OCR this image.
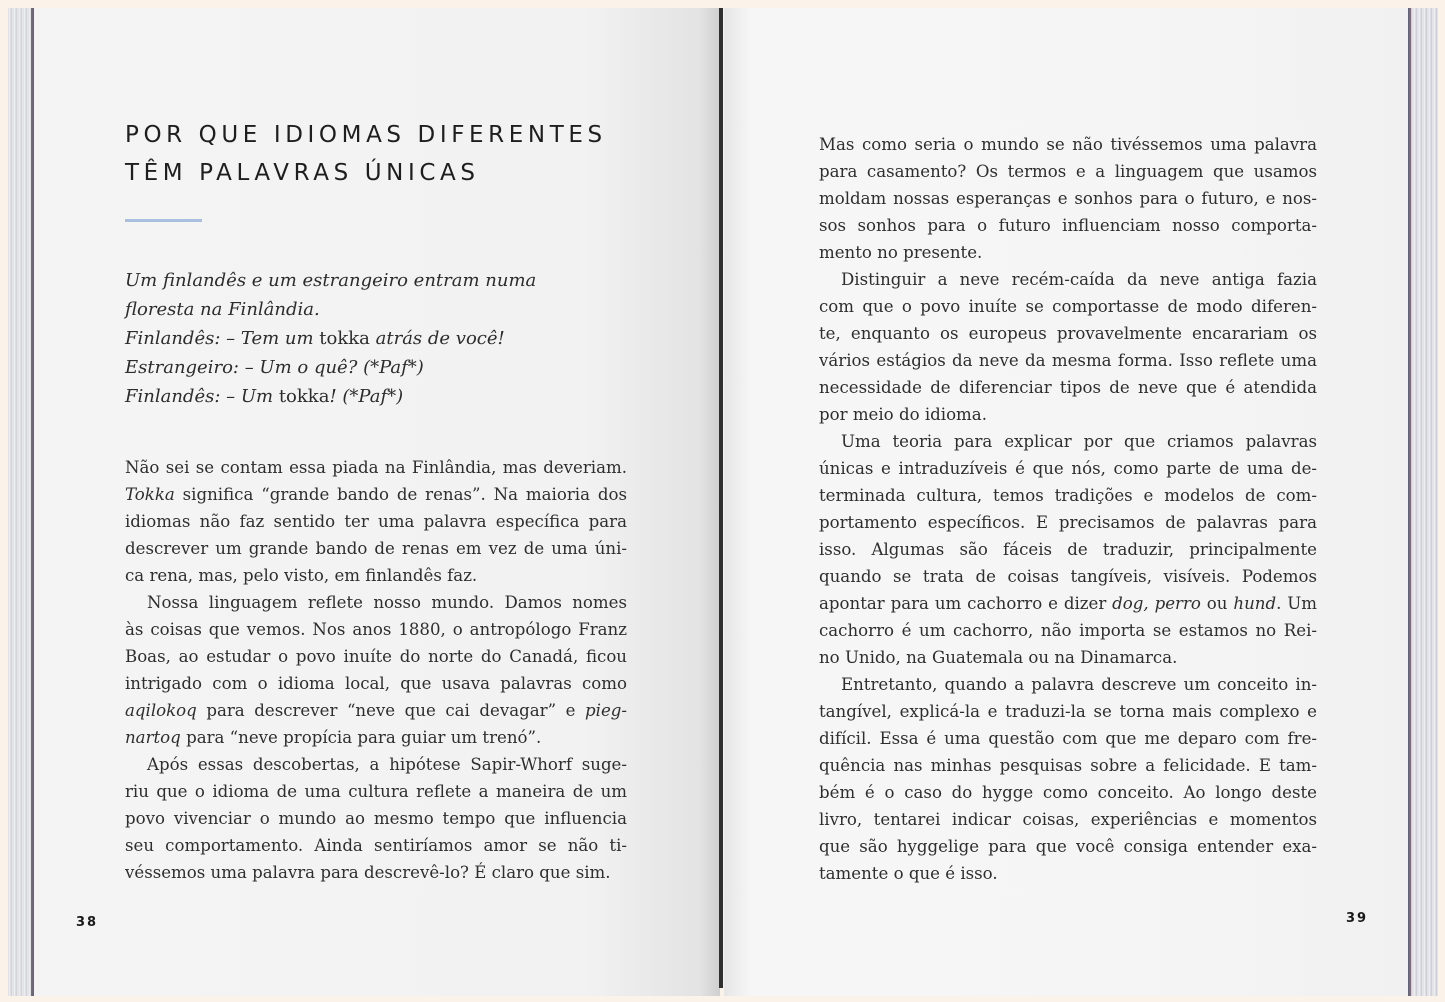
POR QUE IDIOMAS DIFERENTES
TÊM PALAVRAS ÚNICAS
Um finlandês e um estrangeiro entram numa
floresta na Finlândia.
Finlandês: – Tem um tokka atrás de você!
Estrangeiro: – Um o quê? (*Paf*)
Finlandês: – Um tokka! (*Paf*)
Não sei se contam essa piada na Finlândia, mas deveriam.
Tokka significa “grande bando de renas”. Na maioria dos
idiomas não faz sentido ter uma palavra específica para
descrever um grande bando de renas em vez de uma úni-
ca rena, mas, pelo visto, em finlandês faz.
Nossa linguagem reflete nosso mundo. Damos nomes
às coisas que vemos. Nos anos 1880, o antropólogo Franz
Boas, ao estudar o povo inuíte do norte do Canadá, ficou
intrigado com o idioma local, que usava palavras como
aqilokoq para descrever “neve que cai devagar” e pieg-
nartoq para “neve propícia para guiar um trenó”.
Após essas descobertas, a hipótese Sapir-Whorf suge-
riu que o idioma de uma cultura reflete a maneira de um
povo vivenciar o mundo ao mesmo tempo que influencia
seu comportamento. Ainda sentiríamos amor se não ti-
véssemos uma palavra para descrevê-lo? É claro que sim.
38
Mas como seria o mundo se não tivéssemos uma palavra
para casamento? Os termos e a linguagem que usamos
moldam nossas esperanças e sonhos para o futuro, e nos-
sos sonhos para o futuro influenciam nosso comporta-
mento no presente.
Distinguir a neve recém-caída da neve antiga fazia
com que o povo inuíte se comportasse de modo diferen-
te, enquanto os europeus provavelmente encarariam os
vários estágios da neve da mesma forma. Isso reflete uma
necessidade de diferenciar tipos de neve que é atendida
por meio do idioma.
Uma teoria para explicar por que criamos palavras
únicas e intraduzíveis é que nós, como parte de uma de-
terminada cultura, temos tradições e modelos de com-
portamento específicos. E precisamos de palavras para
isso. Algumas são fáceis de traduzir, principalmente
quando se trata de coisas tangíveis, visíveis. Podemos
apontar para um cachorro e dizer dog, perro ou hund. Um
cachorro é um cachorro, não importa se estamos no Rei-
no Unido, na Guatemala ou na Dinamarca.
Entretanto, quando a palavra descreve um conceito in-
tangível, explicá-la e traduzi-la se torna mais complexo e
difícil. Essa é uma questão com que me deparo com fre-
quência nas minhas pesquisas sobre a felicidade. E tam-
bém é o caso do hygge como conceito. Ao longo deste
livro, tentarei indicar coisas, experiências e momentos
que são hyggelige para que você consiga entender exa-
tamente o que é isso.
39
